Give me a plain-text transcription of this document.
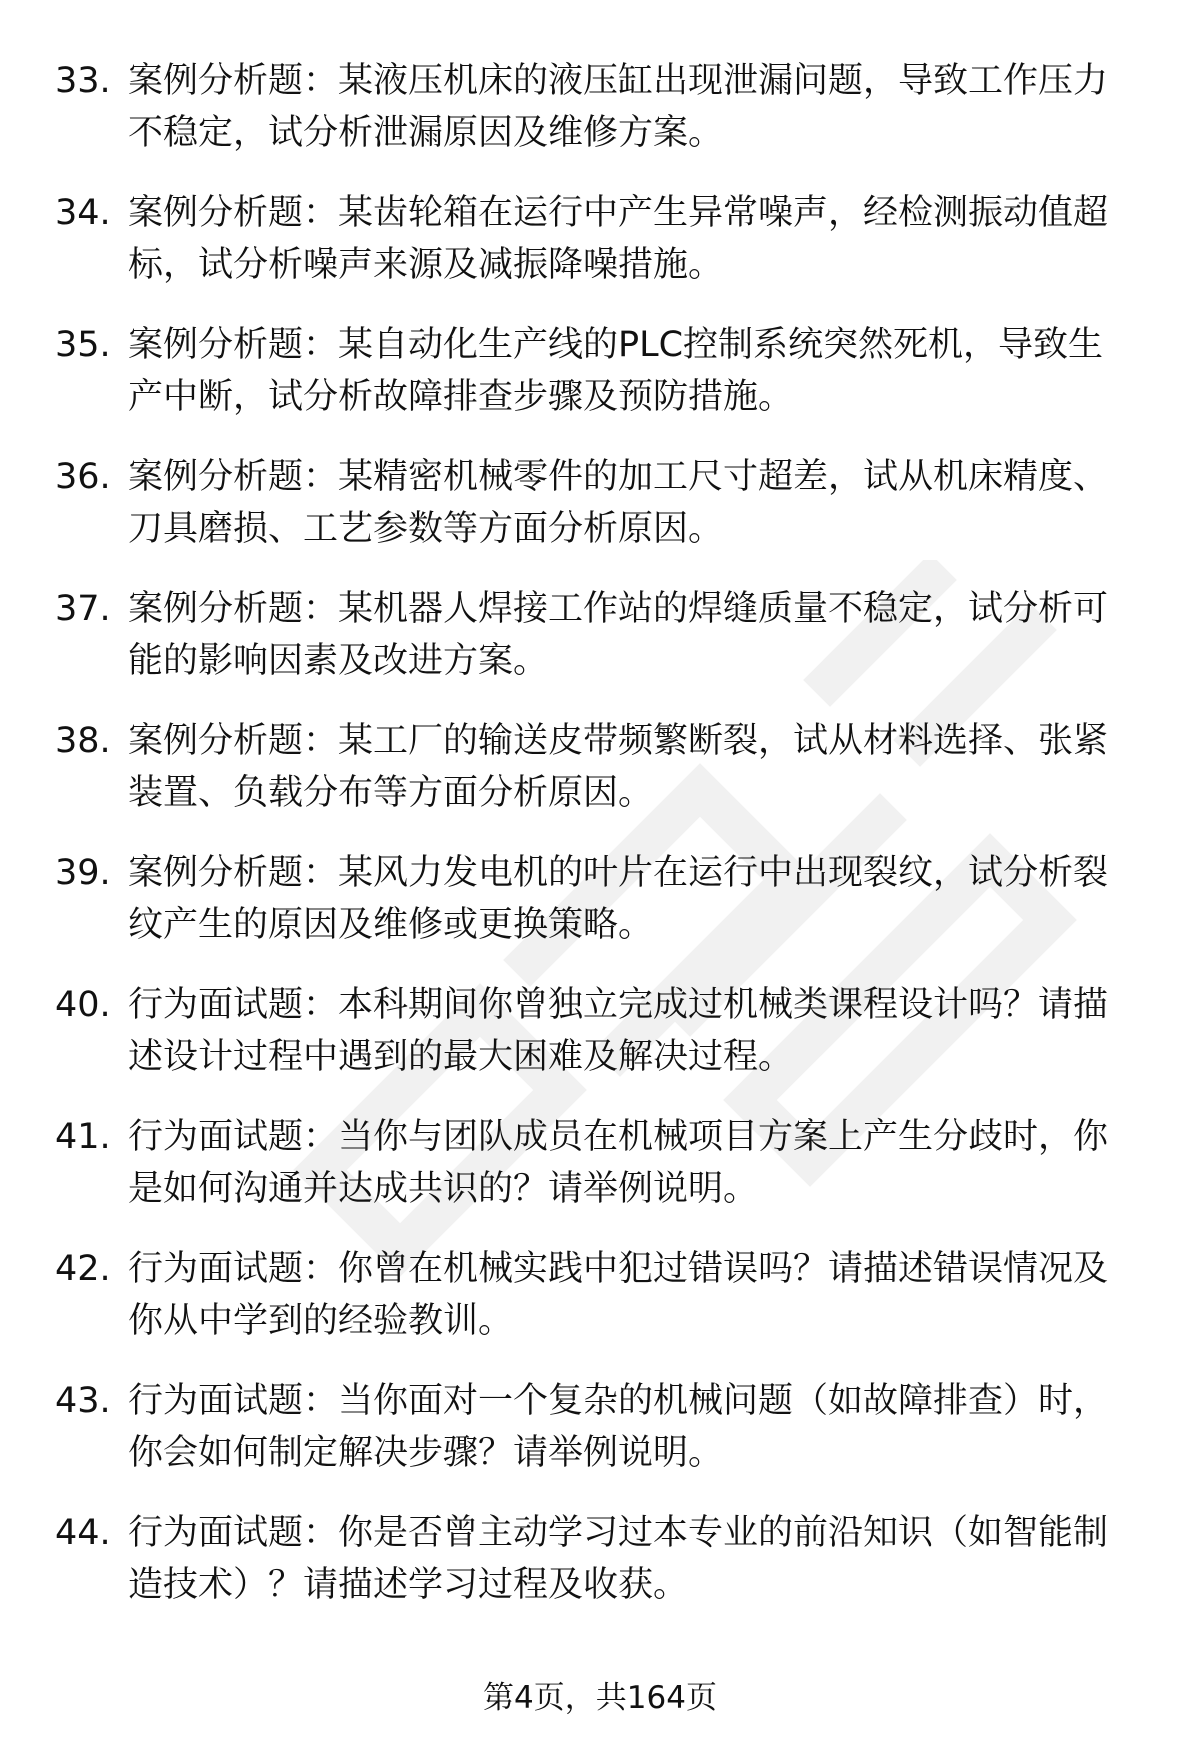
33. 案例分析题：某液压机床的液压缸出现泄漏问题，导致工作压力
不稳定，试分析泄漏原因及维修方案。
34. 案例分析题：某齿轮箱在运行中产生异常噪声，经检测振动值超
标，试分析噪声来源及减振降噪措施。
35. 案例分析题：某自动化生产线的PLC控制系统突然死机，导致生
产中断，试分析故障排查步骤及预防措施。
36. 案例分析题：某精密机械零件的加工尺寸超差，试从机床精度、
刀具磨损、工艺参数等方面分析原因。
37. 案例分析题：某机器人焊接工作站的焊缝质量不稳定，试分析可
能的影响因素及改进方案。
38. 案例分析题：某工厂的输送皮带频繁断裂，试从材料选择、张紧
装置、负载分布等方面分析原因。
39. 案例分析题：某风力发电机的叶片在运行中出现裂纹，试分析裂
纹产生的原因及维修或更换策略。
40. 行为面试题：本科期间你曾独立完成过机械类课程设计吗？请描
述设计过程中遇到的最大困难及解决过程。
41. 行为面试题：当你与团队成员在机械项目方案上产生分歧时，你
是如何沟通并达成共识的？请举例说明。
42. 行为面试题：你曾在机械实践中犯过错误吗？请描述错误情况及
你从中学到的经验教训。
43. 行为面试题：当你面对一个复杂的机械问题（如故障排查）时，
你会如何制定解决步骤？请举例说明。
44. 行为面试题：你是否曾主动学习过本专业的前沿知识（如智能制
造技术）？请描述学习过程及收获。
第4页，共164页
